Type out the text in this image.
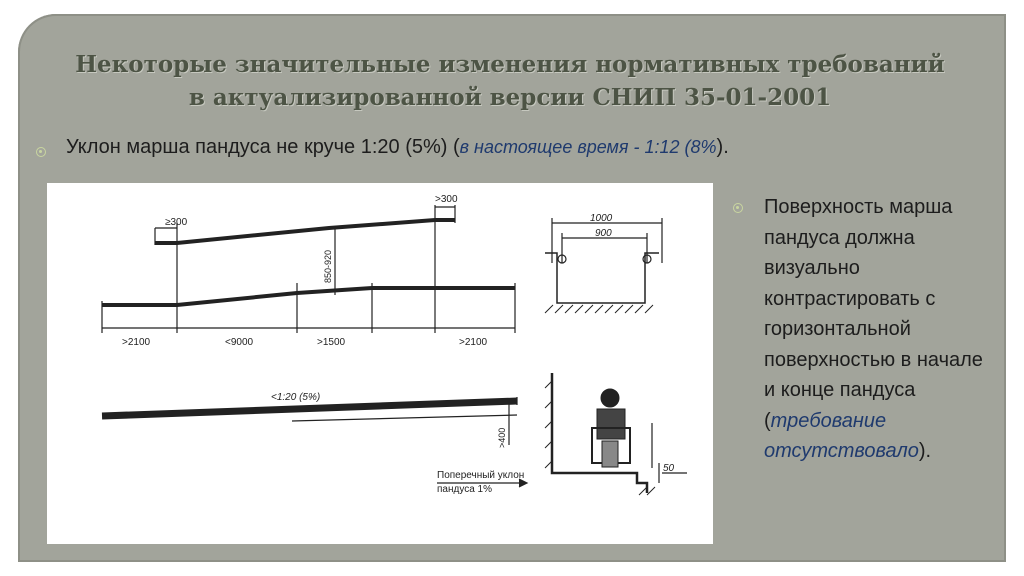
Некоторые значительные изменения нормативных требований
в актуализированной версии СНИП 35-01-2001
Уклон марша пандуса не круче 1:20 (5%) (в настоящее время - 1:12 (8%).
≥300
>300
850-920
>2100	<9000	>1500	>2100
<1:20 (5%)
>400
Поперечный уклон
пандуса 1%
1000
900
50
Поверхность марша пандуса должна визуально контрастировать с горизонтальной поверхностью в начале и конце пандуса (требование отсутствовало).
